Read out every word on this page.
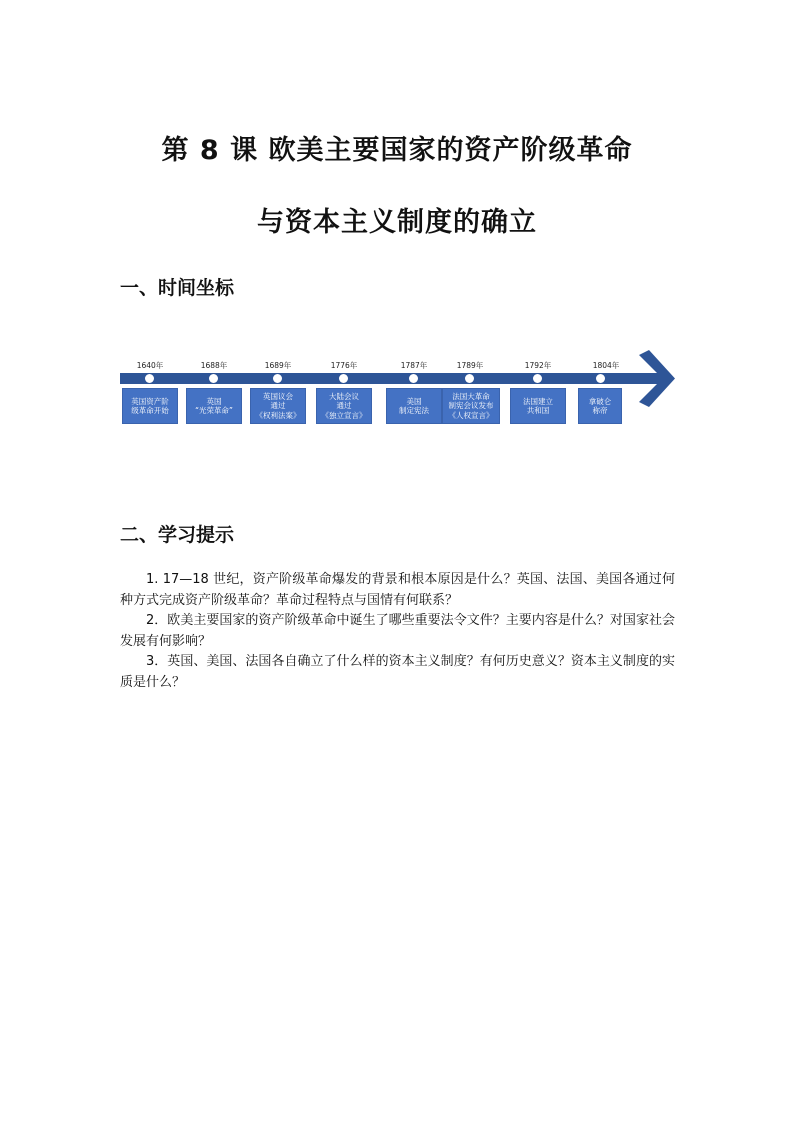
第 8 课 欧美主要国家的资产阶级革命
与资本主义制度的确立
一、时间坐标
1640年
英国资产阶
级革命开始
1688年
英国
“光荣革命”
1689年
英国议会
通过
《权利法案》
1776年
大陆会议
通过
《独立宣言》
1787年
美国
制定宪法
1789年
法国大革命
制宪会议发布
《人权宣言》
1792年
法国建立
共和国
1804年
拿破仑
称帝
二、学习提示

1. 17—18 世纪，资产阶级革命爆发的背景和根本原因是什么？英国、法国、美国各通过何种方式完成资产阶级革命？革命过程特点与国情有何联系？

2．欧美主要国家的资产阶级革命中诞生了哪些重要法令文件？主要内容是什么？对国家社会发展有何影响？

3．英国、美国、法国各自确立了什么样的资本主义制度？有何历史意义？资本主义制度的实质是什么？
